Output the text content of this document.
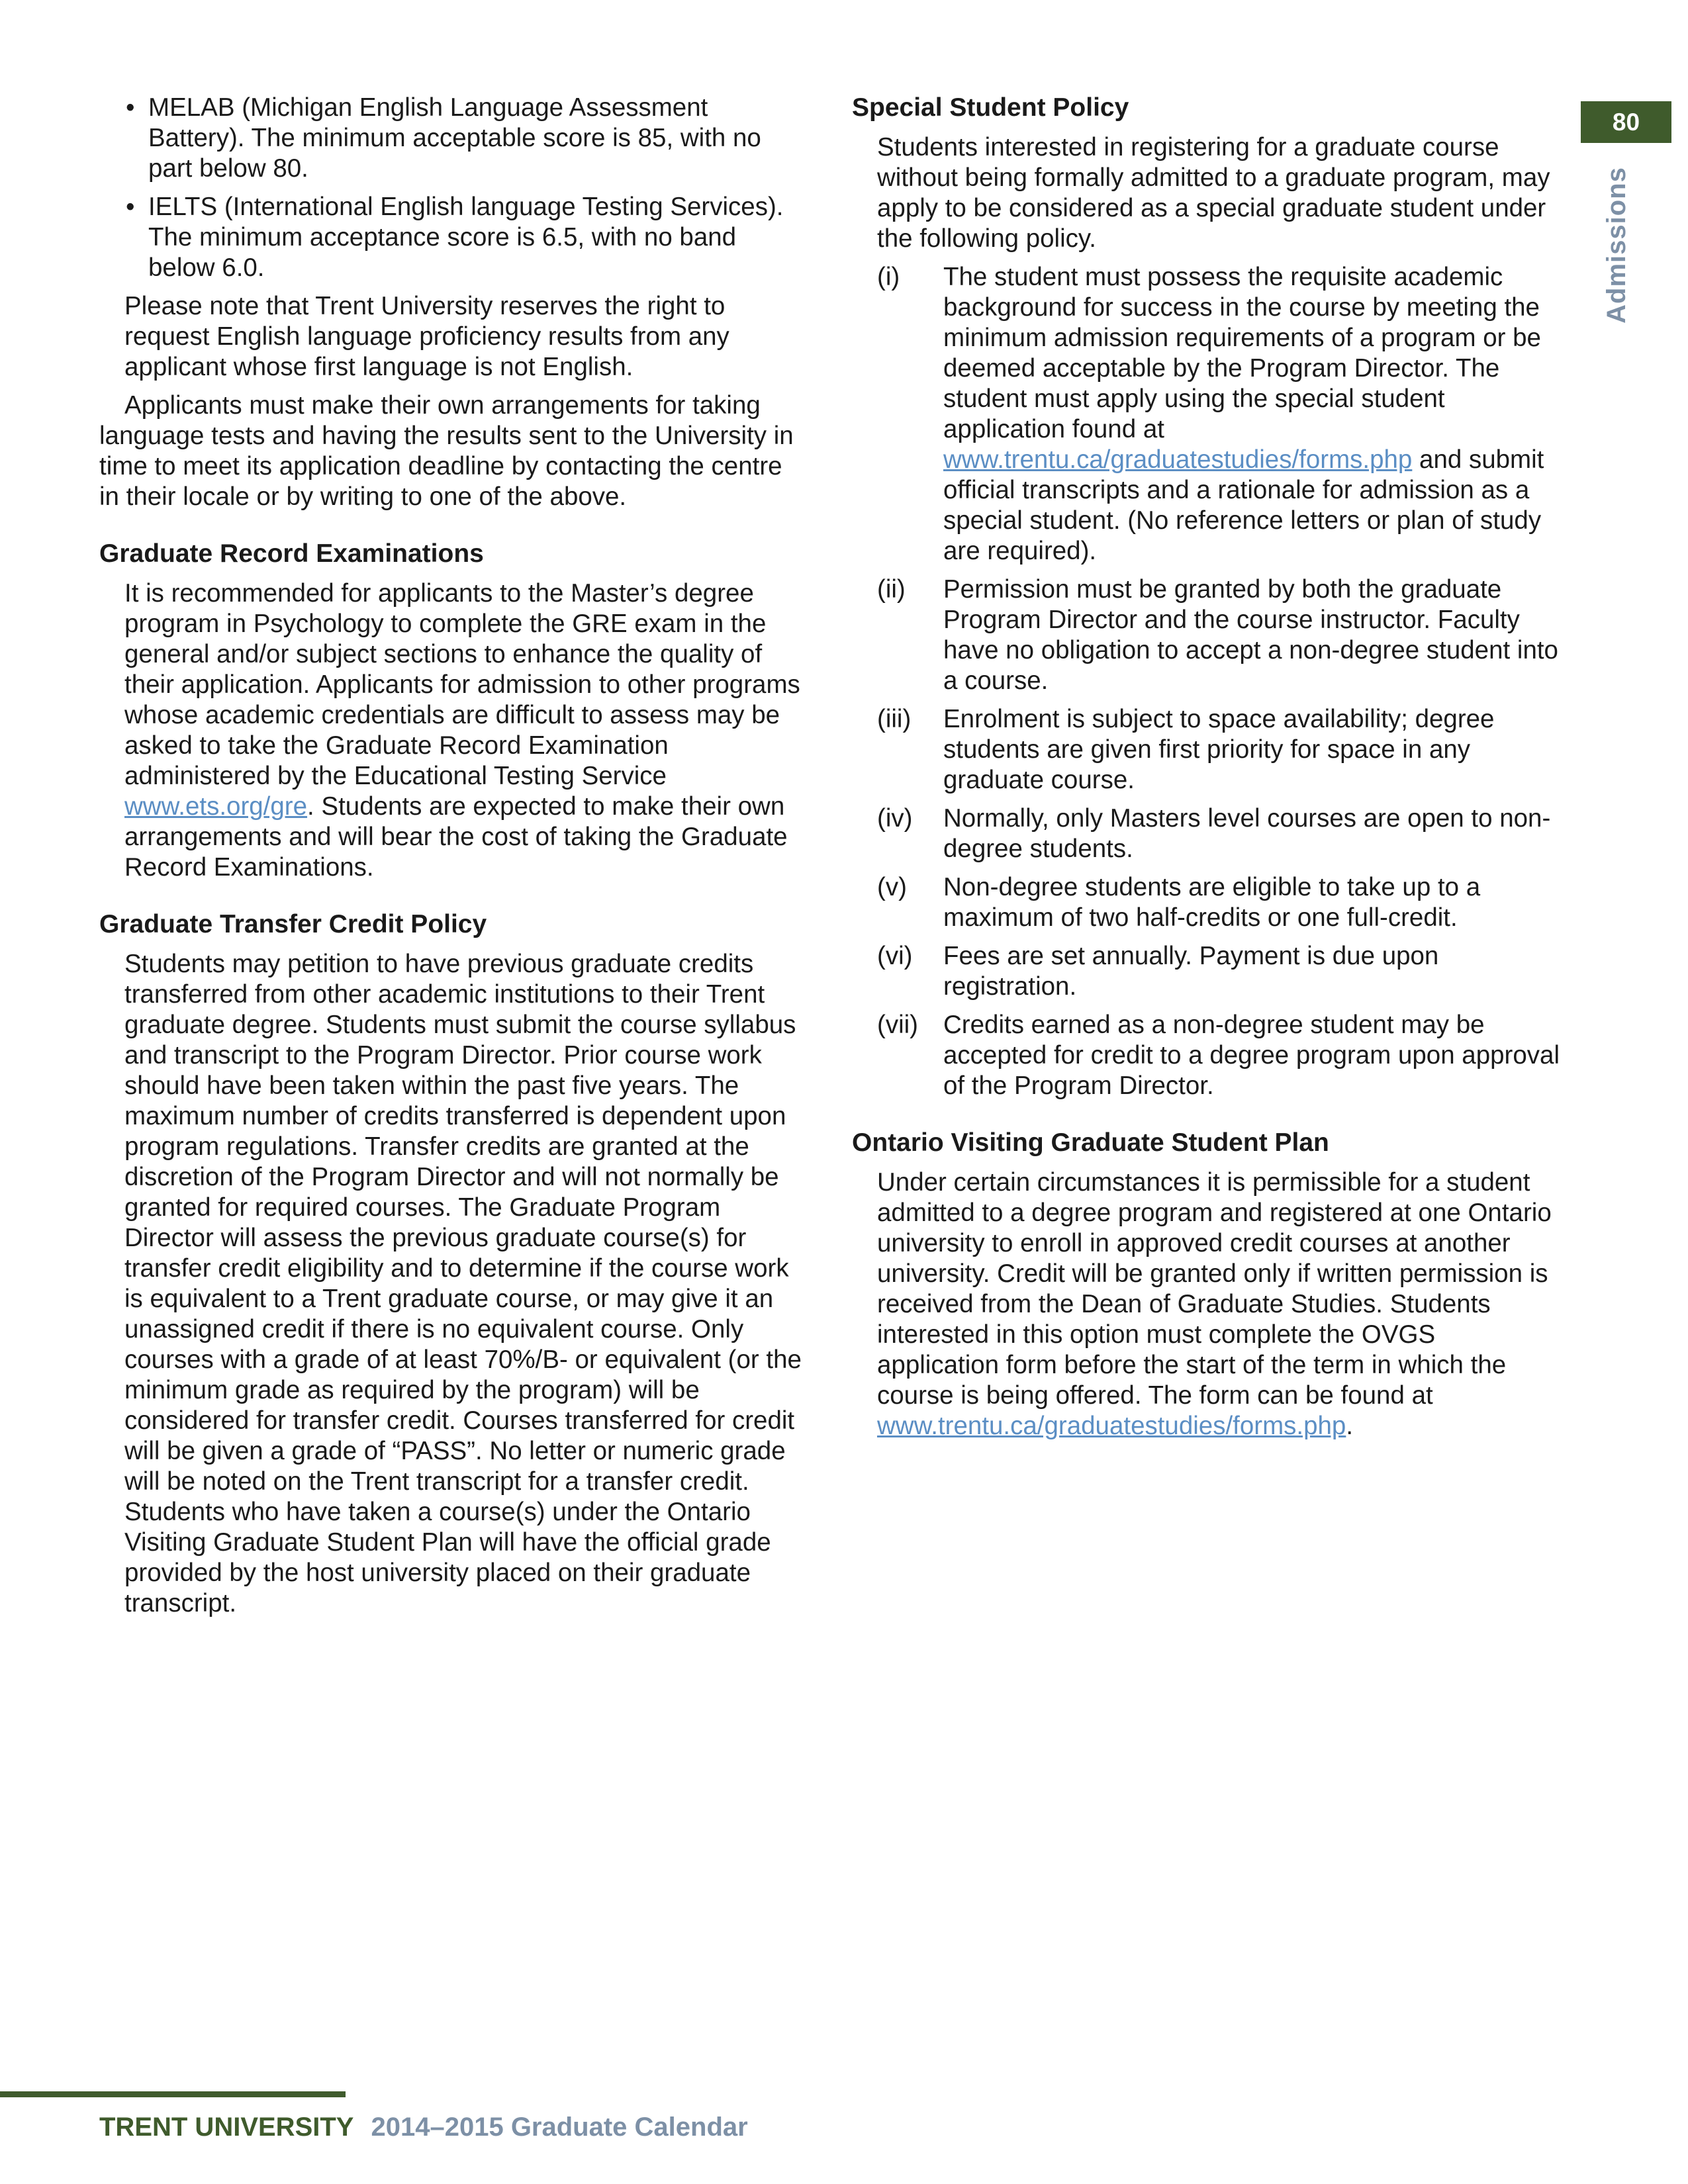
80
Admissions
• MELAB (Michigan English Language Assessment Battery). The minimum acceptable score is 85, with no part below 80.
• IELTS (International English language Testing Services). The minimum acceptance score is 6.5, with no band below 6.0.

Please note that Trent University reserves the right to request English language proficiency results from any applicant whose first language is not English.

Applicants must make their own arrangements for taking language tests and having the results sent to the University in time to meet its application deadline by contacting the centre in their locale or by writing to one of the above.

Graduate Record Examinations

It is recommended for applicants to the Master’s degree program in Psychology to complete the GRE exam in the general and/or subject sections to enhance the quality of their application. Applicants for admission to other programs whose academic credentials are difficult to assess may be asked to take the Graduate Record Examination administered by the Educational Testing Service www.ets.org/gre. Students are expected to make their own arrangements and will bear the cost of taking the Graduate Record Examinations.

Graduate Transfer Credit Policy

Students may petition to have previous graduate credits transferred from other academic institutions to their Trent graduate degree. Students must submit the course syllabus and transcript to the Program Director. Prior course work should have been taken within the past five years. The maximum number of credits transferred is dependent upon program regulations. Transfer credits are granted at the discretion of the Program Director and will not normally be granted for required courses. The Graduate Program Director will assess the previous graduate course(s) for transfer credit eligibility and to determine if the course work is equivalent to a Trent graduate course, or may give it an unassigned credit if there is no equivalent course. Only courses with a grade of at least 70%/B- or equivalent (or the minimum grade as required by the program) will be considered for transfer credit. Courses transferred for credit will be given a grade of “PASS”. No letter or numeric grade will be noted on the Trent transcript for a transfer credit. Students who have taken a course(s) under the Ontario Visiting Graduate Student Plan will have the official grade provided by the host university placed on their graduate transcript.

Special Student Policy

Students interested in registering for a graduate course without being formally admitted to a graduate program, may apply to be considered as a special graduate student under the following policy.

(i)	The student must possess the requisite academic background for success in the course by meeting the minimum admission requirements of a program or be deemed acceptable by the Program Director. The student must apply using the special student application found at www.trentu.ca/graduatestudies/forms.php and submit official transcripts and a rationale for admission as a special student. (No reference letters or plan of study are required).
(ii)	Permission must be granted by both the graduate Program Director and the course instructor. Faculty have no obligation to accept a non-degree student into a course.
(iii)	Enrolment is subject to space availability; degree students are given first priority for space in any graduate course.
(iv)	Normally, only Masters level courses are open to non-degree students.
(v)	Non-degree students are eligible to take up to a maximum of two half-credits or one full-credit.
(vi)	Fees are set annually. Payment is due upon registration.
(vii) Credits earned as a non-degree student may be accepted for credit to a degree program upon approval of the Program Director.
Ontario Visiting Graduate Student Plan

Under certain circumstances it is permissible for a student admitted to a degree program and registered at one Ontario university to enroll in approved credit courses at another university. Credit will be granted only if written permission is received from the Dean of Graduate Studies. Students interested in this option must complete the OVGS application form before the start of the term in which the course is being offered. The form can be found at www.trentu.ca/graduatestudies/forms.php.

TRENT UNIVERSITY 2014–2015 Graduate Calendar
